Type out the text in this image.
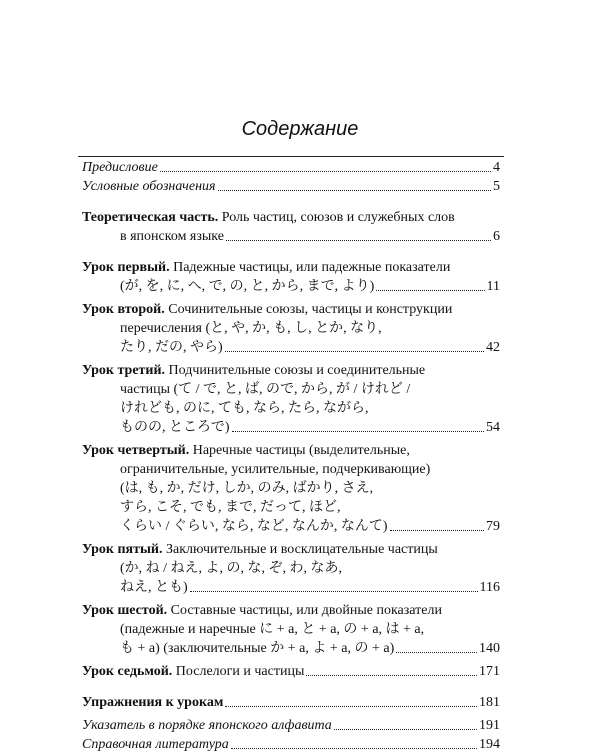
Содержание
Предисловие	4
Условные обозначения	5
Теоретическая часть. Роль частиц, союзов и служебных слов
в японском языке	6
Урок первый. Падежные частицы, или падежные показатели
(が, を, に, へ, で, の, と, から, まで, より)	11
Урок второй. Сочинительные союзы, частицы и конструкции
перечисления (と, や, か, も, し, とか, なり,
たり, だの, やら)	42
Урок третий. Подчинительные союзы и соединительные
частицы (て / で, と, ば, ので, から, が / けれど /
けれども, のに, ても, なら, たら, ながら,
ものの, ところで)	54
Урок четвертый. Наречные частицы (выделительные,
ограничительные, усилительные, подчеркивающие)
(は, も, か, だけ, しか, のみ, ばかり, さえ,
すら, こそ, でも, まで, だって, ほど,
くらい / ぐらい, なら, など, なんか, なんて)	79
Урок пятый. Заключительные и восклицательные частицы
(か, ね / ねえ, よ, の, な, ぞ, わ, なあ,
ねえ, とも)	116
Урок шестой. Составные частицы, или двойные показатели
(падежные и наречные に + а, と + а, の + а, は + а,
も + а) (заключительные か + а, よ + а, の + а)	140
Урок седьмой. Послелоги и частицы	171
Упражнения к урокам	181
Указатель в порядке японского алфавита	191
Справочная литература	194
